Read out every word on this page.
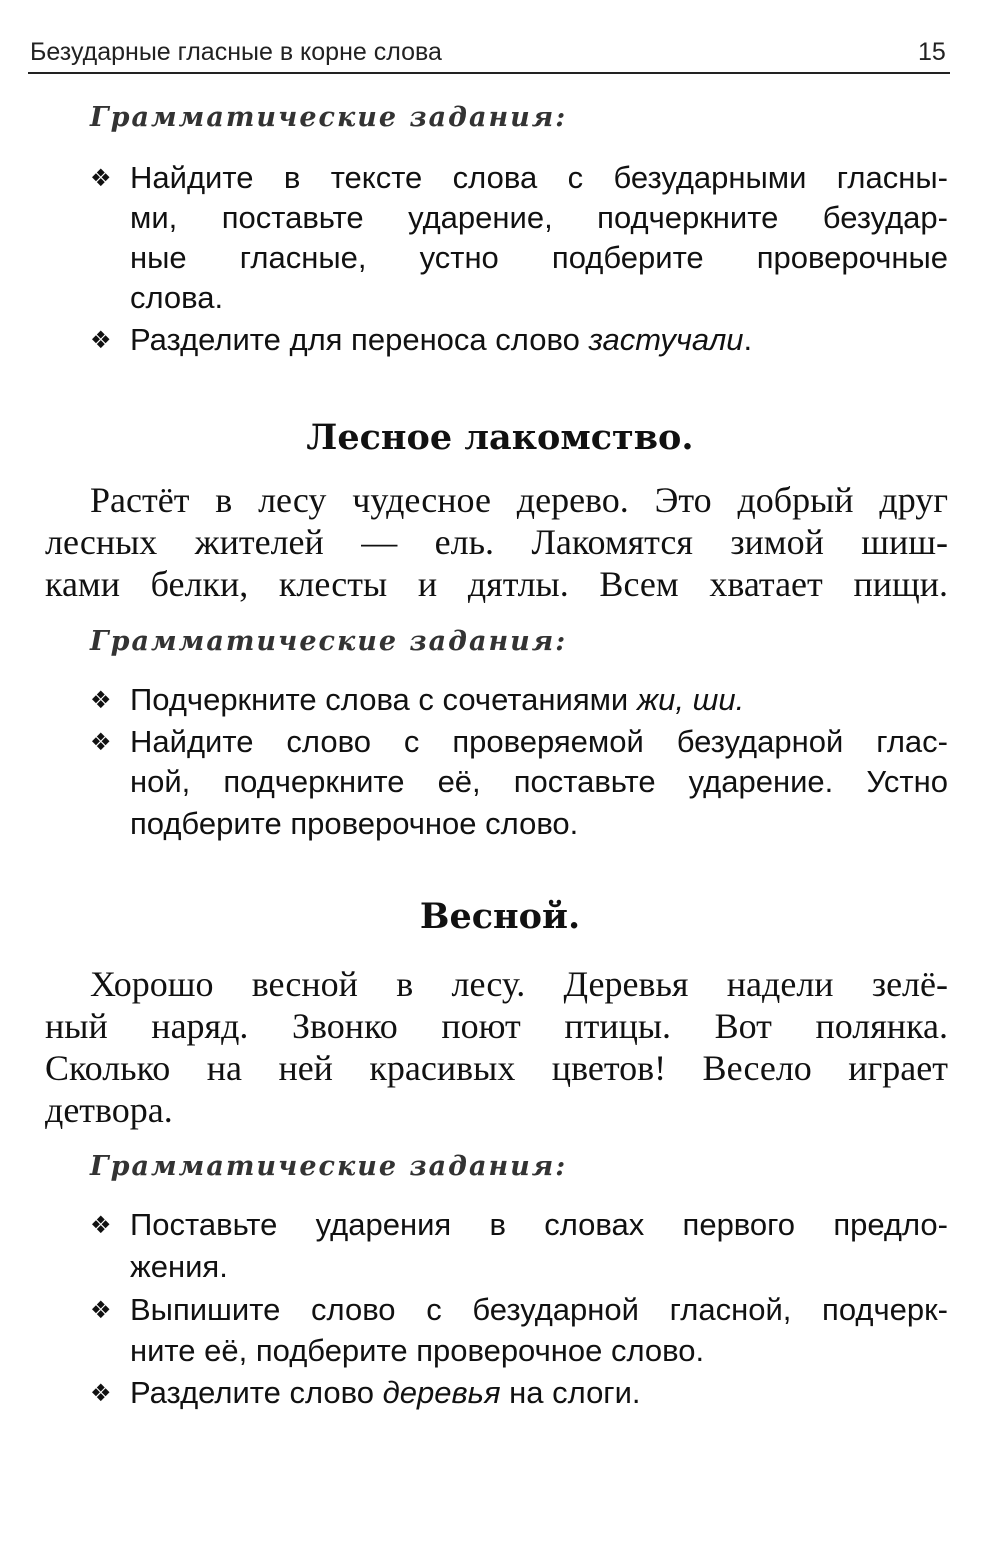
Безударные гласные в корне слова	15
Грамматические задания:
❖ Найдите в тексте слова с безударными гласны-
ми, поставьте ударение, подчеркните безудар-
ные гласные, устно подберите проверочные
слова.
❖ Разделите для переноса слово застучали.
Лесное лакомство.
Растёт в лесу чудесное дерево. Это добрый друг
лесных жителей — ель. Лакомятся зимой шиш-
ками белки, клесты и дятлы. Всем хватает пищи.
Грамматические задания:
❖ Подчеркните слова с сочетаниями жи, ши.
❖ Найдите слово с проверяемой безударной глас-
ной, подчеркните её, поставьте ударение. Устно
подберите проверочное слово.
Весной.
Хорошо весной в лесу. Деревья надели зелё-
ный наряд. Звонко поют птицы. Вот полянка.
Сколько на ней красивых цветов! Весело играет
детвора.
Грамматические задания:
❖ Поставьте ударения в словах первого предло-
жения.
❖ Выпишите слово с безударной гласной, подчерк-
ните её, подберите проверочное слово.
❖ Разделите слово деревья на слоги.
